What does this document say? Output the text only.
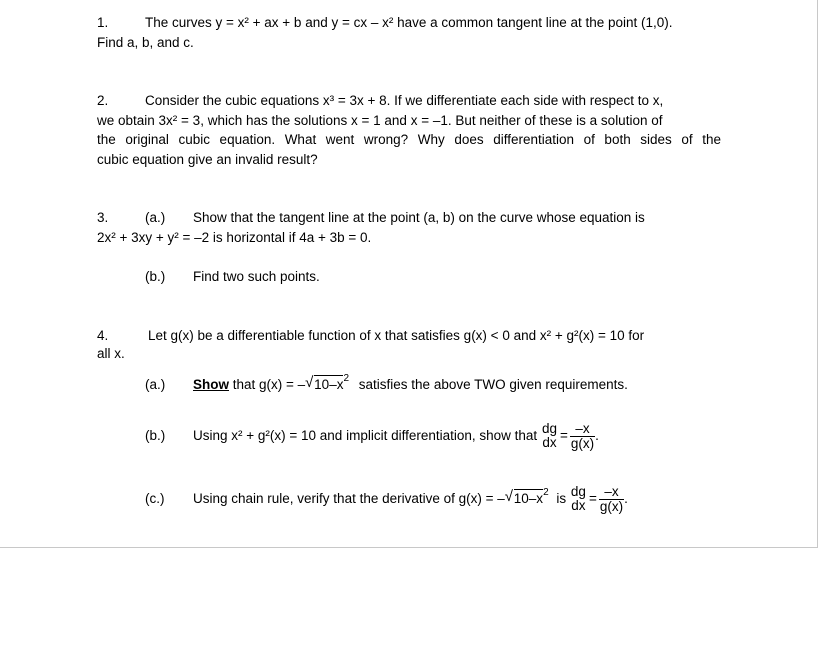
1.	The curves y = x² + ax + b and y = cx – x² have a common tangent line at the point (1,0).
Find a, b, and c.
2.	Consider the cubic equations x³ = 3x + 8. If we differentiate each side with respect to x,
we obtain 3x² = 3, which has the solutions x = 1 and x = –1. But neither of these is a solution of
the original cubic equation. What went wrong? Why does differentiation of both sides of the
cubic equation give an invalid result?
3.	(a.) Show that the tangent line at the point (a, b) on the curve whose equation is
2x² + 3xy + y² = –2 is horizontal if 4a + 3b = 0.
(b.) Find two such points.
4.	Let g(x) be a differentiable function of x that satisfies g(x) < 0 and x² + g²(x) = 10 for
all x.
(a.) Show that g(x) = – √ $10-x^2$ satisfies the above TWO given requirements.
(b.) Using x² + g²(x) = 10 and implicit differentiation, show that dg
dx = $\frac{-x}{g(x)}$ .
(c.) Using chain rule, verify that the derivative of g(x) = – √ $10-x^2$ is dg
dx = $\frac{-x}{g(x)}$ .
